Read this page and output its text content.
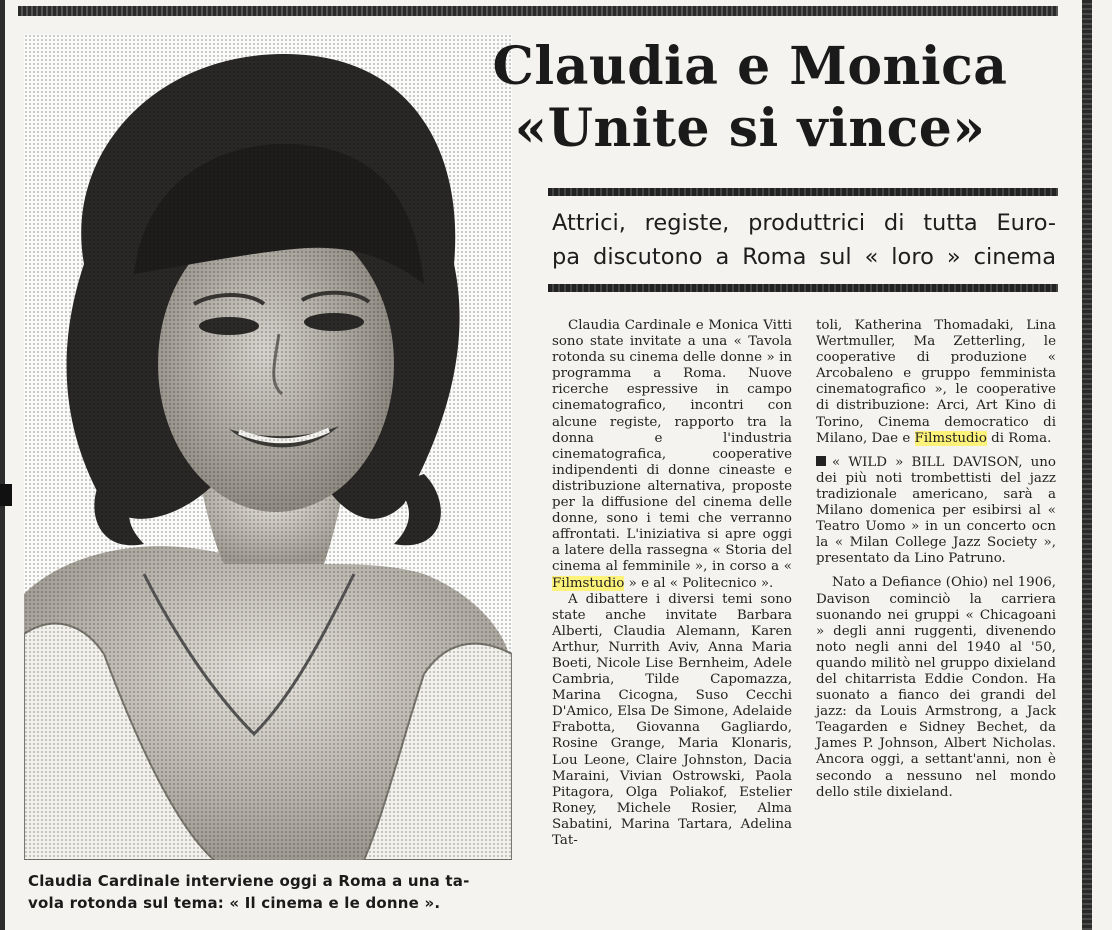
Claudia Cardinale interviene oggi a Roma a una ta-
vola rotonda sul tema: « Il cinema e le donne ».
Claudia e Monica
«Unite si vince»
Attrici, registe, produttrici di tutta Euro-
pa discutono a Roma sul « loro » cinema

Claudia Cardinale e Monica Vitti sono state invitate a una « Tavola rotonda su cinema delle donne » in programma a Roma. Nuove ricerche espressive in campo cinematografico, incontri con alcune registe, rapporto tra la donna e l'industria cinematografica, cooperative indipendenti di donne cineaste e distribuzione alternativa, proposte per la diffusione del cinema delle donne, sono i temi che verranno affrontati. L'iniziativa si apre oggi a latere della rassegna « Storia del cinema al femminile », in corso a « Filmstudio » e al « Politecnico ».

A dibattere i diversi temi sono state anche invitate Barbara Alberti, Claudia Alemann, Karen Arthur, Nurrith Aviv, Anna Maria Boeti, Nicole Lise Bernheim, Adele Cambria, Tilde Capomazza, Marina Cicogna, Suso Cecchi D'Amico, Elsa De Simone, Adelaide Frabotta, Giovanna Gagliardo, Rosine Grange, Maria Klonaris, Lou Leone, Claire Johnston, Dacia Maraini, Vivian Ostrowski, Paola Pitagora, Olga Poliakof, Estelier Roney, Michele Rosier, Alma Sabatini, Marina Tartara, Adelina Tat-

toli, Katherina Thomadaki, Lina Wertmuller, Ma Zetterling, le cooperative di produzione « Arcobaleno e gruppo femminista cinematografico », le cooperative di distribuzione: Arci, Art Kino di Torino, Cinema democratico di Milano, Dae e Filmstudio di Roma.

« WILD » BILL DAVISON, uno dei più noti trombettisti del jazz tradizionale americano, sarà a Milano domenica per esibirsi al « Teatro Uomo » in un concerto ocn la « Milan College Jazz Society », presentato da Lino Patruno.

Nato a Defiance (Ohio) nel 1906, Davison cominciò la carriera suonando nei gruppi « Chicagoani » degli anni ruggenti, divenendo noto negli anni del 1940 al '50, quando militò nel gruppo dixieland del chitarrista Eddie Condon. Ha suonato a fianco dei grandi del jazz: da Louis Armstrong, a Jack Teagarden e Sidney Bechet, da James P. Johnson, Albert Nicholas. Ancora oggi, a settant'anni, non è secondo a nessuno nel mondo dello stile dixieland.
